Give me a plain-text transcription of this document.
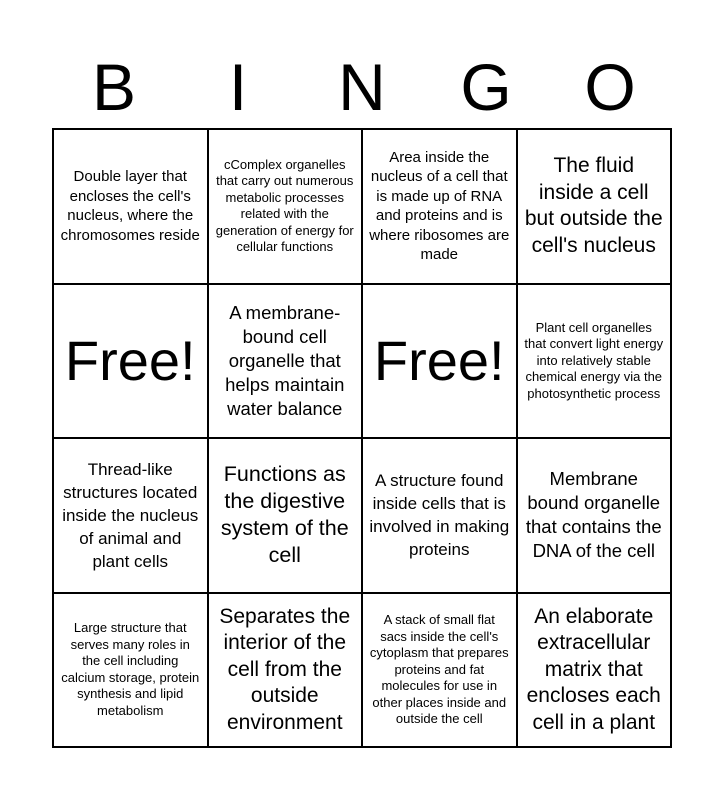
B	I	N	G	O
Double layer that encloses the cell's nucleus, where the chromosomes reside
cComplex organelles that carry out numerous metabolic processes related with the generation of energy for cellular functions
Area inside the nucleus of a cell that is made up of RNA and proteins and is where ribosomes are made
The fluid inside a cell but outside the cell's nucleus
Free!
A membrane-bound cell organelle that helps maintain water balance
Free!
Plant cell organelles that convert light energy into relatively stable chemical energy via the photosynthetic process
Thread-like structures located inside the nucleus of animal and plant cells
Functions as the digestive system of the cell
A structure found inside cells that is involved in making proteins
Membrane bound organelle that contains the DNA of the cell
Large structure that serves many roles in the cell including calcium storage, protein synthesis and lipid metabolism
Separates the interior of the cell from the outside environment
A stack of small flat sacs inside the cell's cytoplasm that prepares proteins and fat molecules for use in other places inside and outside the cell
An elaborate extracellular matrix that encloses each cell in a plant
